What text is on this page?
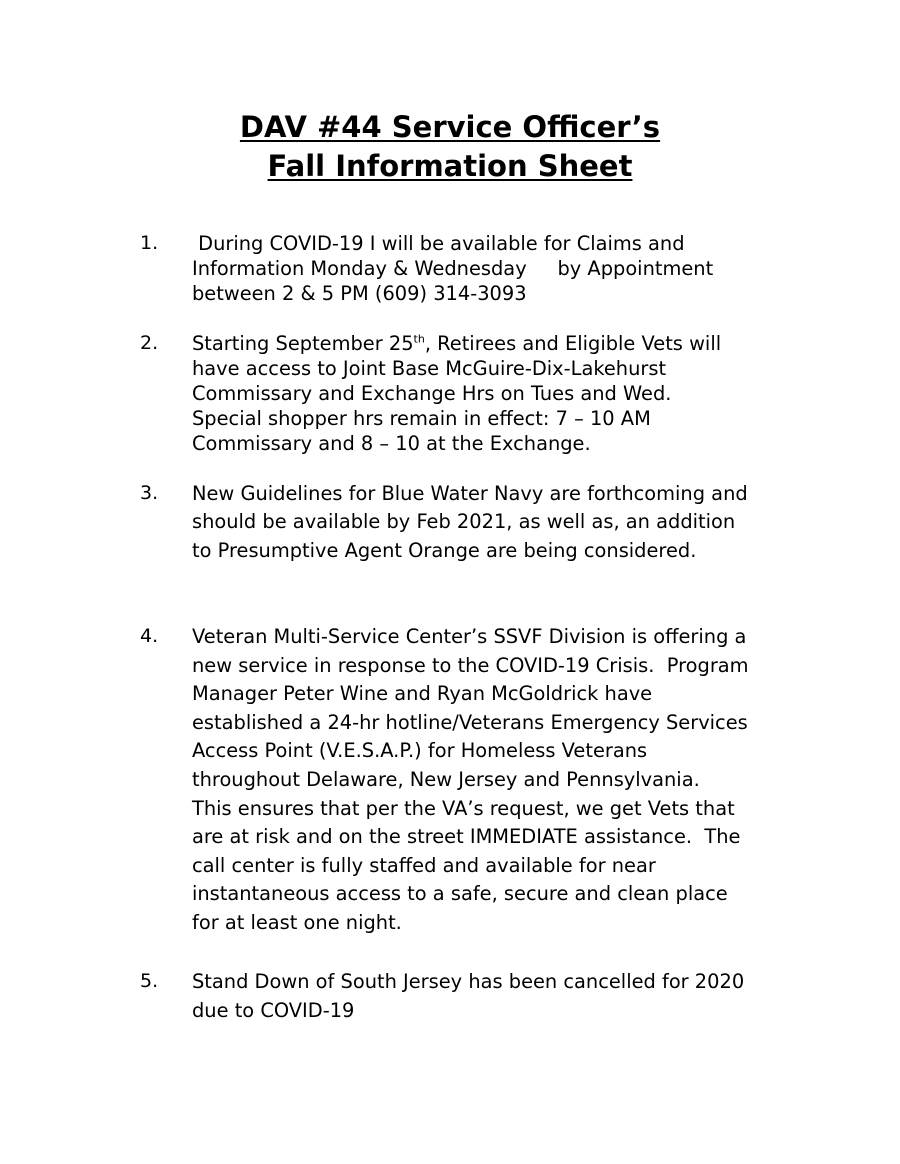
DAV #44 Service Officer’s
Fall Information Sheet
1. During COVID-19 I will be available for Claims and
Information Monday & Wednesday     by Appointment
between 2 & 5 PM (609) 314-3093
2. Starting September 25th, Retirees and Eligible Vets will
have access to Joint Base McGuire-Dix-Lakehurst
Commissary and Exchange Hrs on Tues and Wed.
Special shopper hrs remain in effect: 7 – 10 AM
Commissary and 8 – 10 at the Exchange.
3. New Guidelines for Blue Water Navy are forthcoming and
should be available by Feb 2021, as well as, an addition
to Presumptive Agent Orange are being considered.
4. Veteran Multi-Service Center’s SSVF Division is offering a
new service in response to the COVID-19 Crisis.  Program
Manager Peter Wine and Ryan McGoldrick have
established a 24-hr hotline/Veterans Emergency Services
Access Point (V.E.S.A.P.) for Homeless Veterans
throughout Delaware, New Jersey and Pennsylvania.
This ensures that per the VA’s request, we get Vets that
are at risk and on the street IMMEDIATE assistance.  The
call center is fully staffed and available for near
instantaneous access to a safe, secure and clean place
for at least one night.
5. Stand Down of South Jersey has been cancelled for 2020
due to COVID-19
